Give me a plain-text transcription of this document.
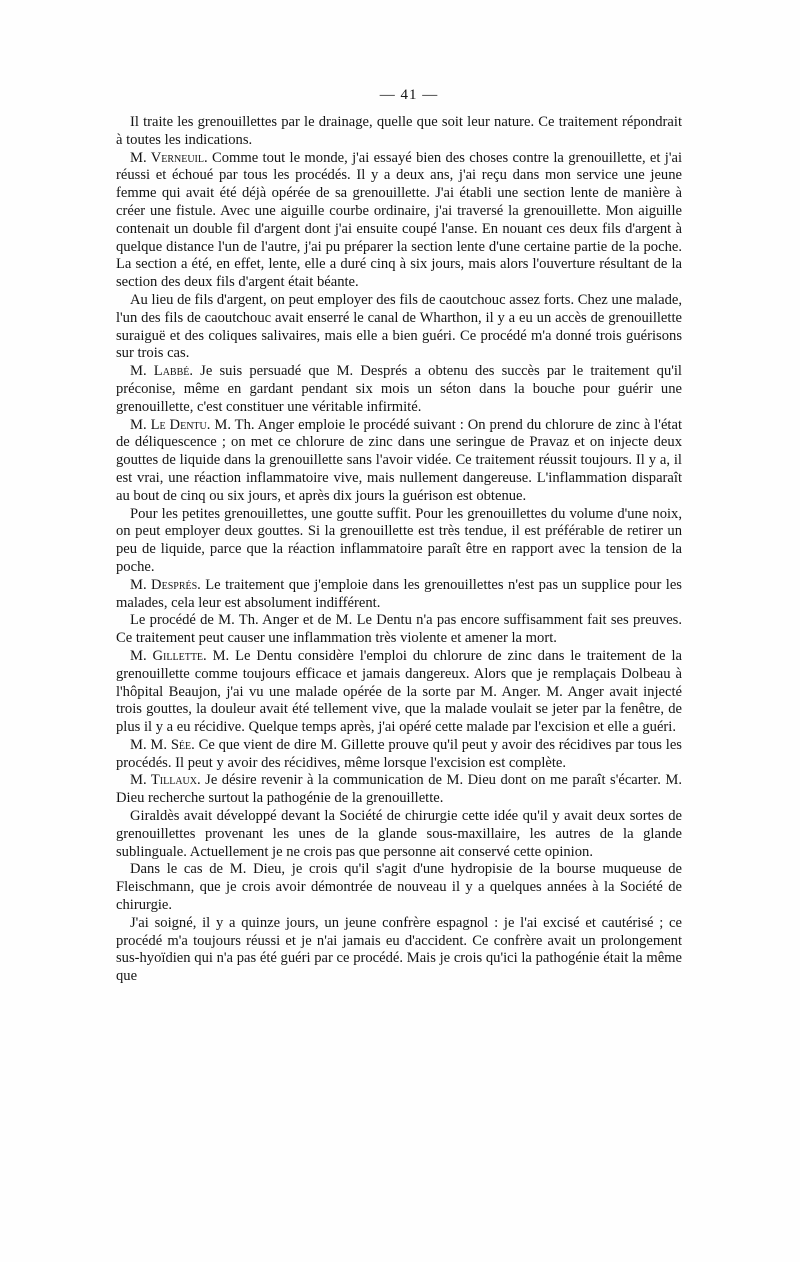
— 41 —

Il traite les grenouillettes par le drainage, quelle que soit leur nature. Ce traitement répondrait à toutes les indications.

M. Verneuil. Comme tout le monde, j'ai essayé bien des choses contre la grenouillette, et j'ai réussi et échoué par tous les procédés. Il y a deux ans, j'ai reçu dans mon service une jeune femme qui avait été déjà opérée de sa grenouillette. J'ai établi une section lente de manière à créer une fistule. Avec une aiguille courbe ordinaire, j'ai traversé la grenouillette. Mon aiguille contenait un double fil d'argent dont j'ai ensuite coupé l'anse. En nouant ces deux fils d'argent à quelque distance l'un de l'autre, j'ai pu préparer la section lente d'une certaine partie de la poche. La section a été, en effet, lente, elle a duré cinq à six jours, mais alors l'ouverture résultant de la section des deux fils d'argent était béante.

Au lieu de fils d'argent, on peut employer des fils de caoutchouc assez forts. Chez une malade, l'un des fils de caoutchouc avait enserré le canal de Wharthon, il y a eu un accès de grenouillette suraiguë et des coliques salivaires, mais elle a bien guéri. Ce procédé m'a donné trois guérisons sur trois cas.

M. Labbé. Je suis persuadé que M. Després a obtenu des succès par le traitement qu'il préconise, même en gardant pendant six mois un séton dans la bouche pour guérir une grenouillette, c'est constituer une véritable infirmité.

M. Le Dentu. M. Th. Anger emploie le procédé suivant : On prend du chlorure de zinc à l'état de déliquescence ; on met ce chlorure de zinc dans une seringue de Pravaz et on injecte deux gouttes de liquide dans la grenouillette sans l'avoir vidée. Ce traitement réussit toujours. Il y a, il est vrai, une réaction inflammatoire vive, mais nullement dangereuse. L'inflammation disparaît au bout de cinq ou six jours, et après dix jours la guérison est obtenue.

Pour les petites grenouillettes, une goutte suffit. Pour les grenouillettes du volume d'une noix, on peut employer deux gouttes. Si la grenouillette est très tendue, il est préférable de retirer un peu de liquide, parce que la réaction inflammatoire paraît être en rapport avec la tension de la poche.

M. Després. Le traitement que j'emploie dans les grenouillettes n'est pas un supplice pour les malades, cela leur est absolument indifférent.

Le procédé de M. Th. Anger et de M. Le Dentu n'a pas encore suffisamment fait ses preuves. Ce traitement peut causer une inflammation très violente et amener la mort.

M. Gillette. M. Le Dentu considère l'emploi du chlorure de zinc dans le traitement de la grenouillette comme toujours efficace et jamais dangereux. Alors que je remplaçais Dolbeau à l'hôpital Beaujon, j'ai vu une malade opérée de la sorte par M. Anger. M. Anger avait injecté trois gouttes, la douleur avait été tellement vive, que la malade voulait se jeter par la fenêtre, de plus il y a eu récidive. Quelque temps après, j'ai opéré cette malade par l'excision et elle a guéri.

M. M. Sée. Ce que vient de dire M. Gillette prouve qu'il peut y avoir des récidives par tous les procédés. Il peut y avoir des récidives, même lorsque l'excision est complète.

M. Tillaux. Je désire revenir à la communication de M. Dieu dont on me paraît s'écarter. M. Dieu recherche surtout la pathogénie de la grenouillette.

Giraldès avait développé devant la Société de chirurgie cette idée qu'il y avait deux sortes de grenouillettes provenant les unes de la glande sous-maxillaire, les autres de la glande sublinguale. Actuellement je ne crois pas que personne ait conservé cette opinion.

Dans le cas de M. Dieu, je crois qu'il s'agit d'une hydropisie de la bourse muqueuse de Fleischmann, que je crois avoir démontrée de nouveau il y a quelques années à la Société de chirurgie.

J'ai soigné, il y a quinze jours, un jeune confrère espagnol : je l'ai excisé et cautérisé ; ce procédé m'a toujours réussi et je n'ai jamais eu d'accident. Ce confrère avait un prolongement sus-hyoïdien qui n'a pas été guéri par ce procédé. Mais je crois qu'ici la pathogénie était la même que
